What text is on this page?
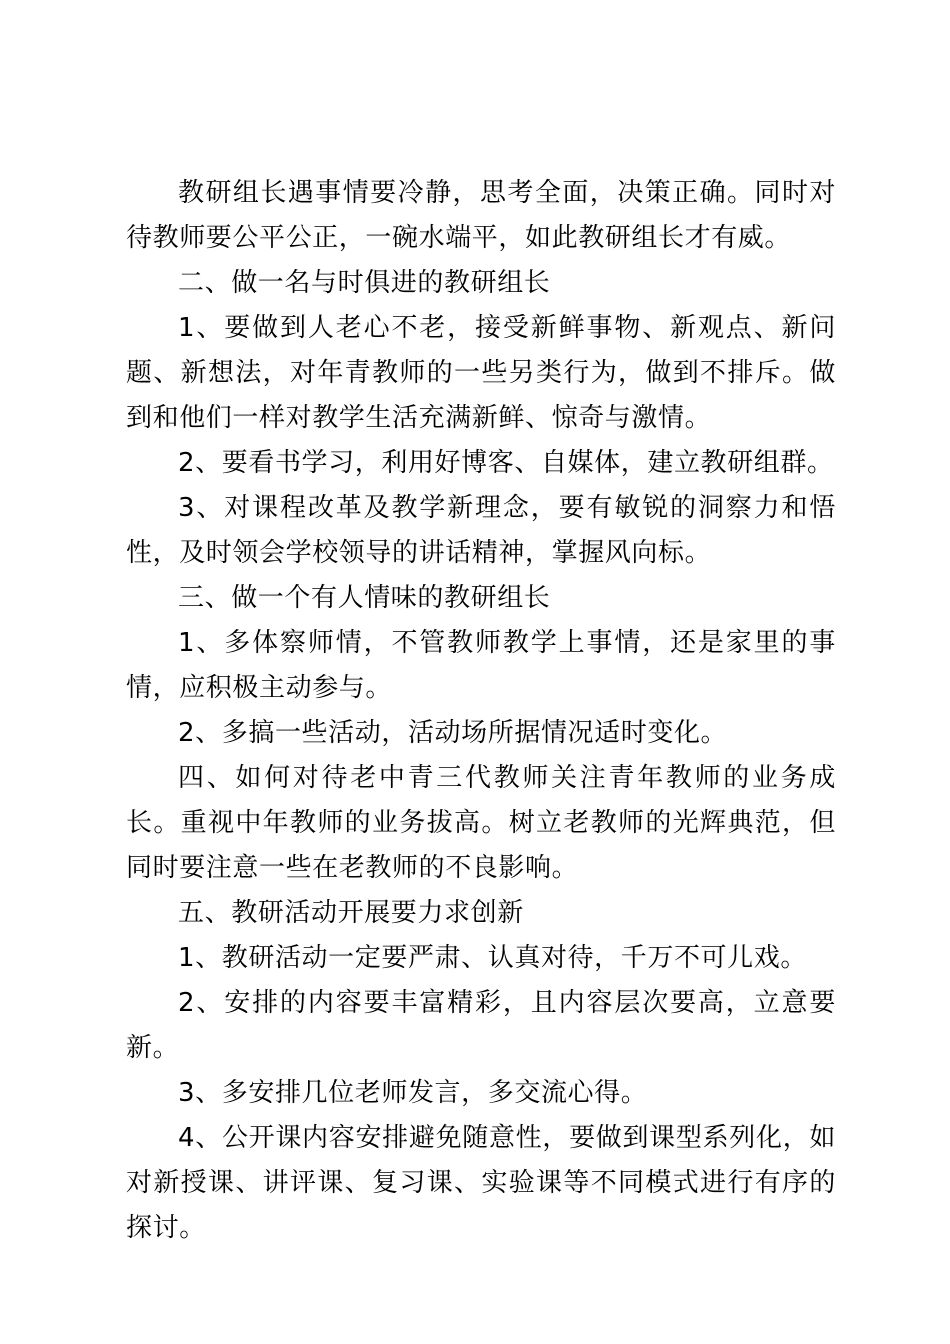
教研组长遇事情要冷静，思考全面，决策正确。同时对待教师要公平公正，一碗水端平，如此教研组长才有威。

二、做一名与时俱进的教研组长

1、要做到人老心不老，接受新鲜事物、新观点、新问题、新想法，对年青教师的一些另类行为，做到不排斥。做到和他们一样对教学生活充满新鲜、惊奇与激情。

2、要看书学习，利用好博客、自媒体，建立教研组群。

3、对课程改革及教学新理念，要有敏锐的洞察力和悟性，及时领会学校领导的讲话精神，掌握风向标。

三、做一个有人情味的教研组长

1、多体察师情，不管教师教学上事情，还是家里的事情，应积极主动参与。

2、多搞一些活动，活动场所据情况适时变化。

四、如何对待老中青三代教师关注青年教师的业务成长。重视中年教师的业务拔高。树立老教师的光辉典范，但同时要注意一些在老教师的不良影响。

五、教研活动开展要力求创新

1、教研活动一定要严肃、认真对待，千万不可儿戏。

2、安排的内容要丰富精彩，且内容层次要高，立意要新。

3、多安排几位老师发言，多交流心得。

4、公开课内容安排避免随意性，要做到课型系列化，如对新授课、讲评课、复习课、实验课等不同模式进行有序的探讨。
